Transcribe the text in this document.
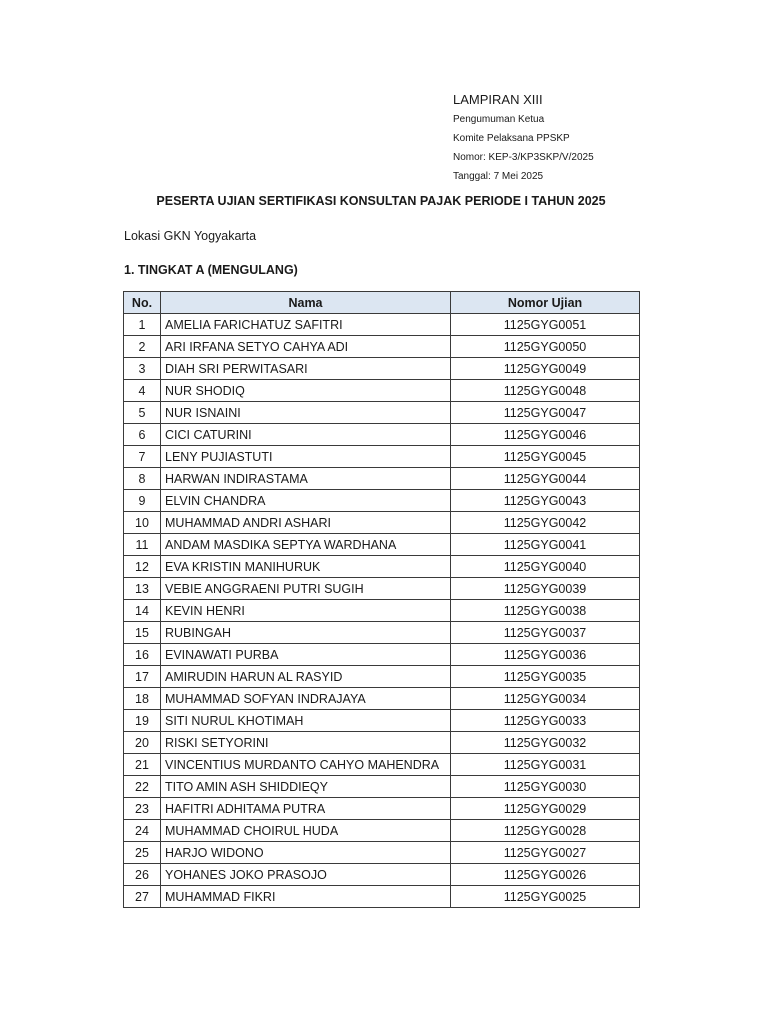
LAMPIRAN XIII
Pengumuman Ketua
Komite Pelaksana PPSKP
Nomor: KEP-3/KP3SKP/V/2025
Tanggal: 7 Mei 2025
PESERTA UJIAN SERTIFIKASI KONSULTAN PAJAK PERIODE I TAHUN 2025
Lokasi GKN Yogyakarta
1. TINGKAT A (MENGULANG)
No.	Nama	Nomor Ujian
1	AMELIA FARICHATUZ SAFITRI	1125GYG0051
2	ARI IRFANA SETYO CAHYA ADI	1125GYG0050
3	DIAH SRI PERWITASARI	1125GYG0049
4	NUR SHODIQ	1125GYG0048
5	NUR ISNAINI	1125GYG0047
6	CICI CATURINI	1125GYG0046
7	LENY PUJIASTUTI	1125GYG0045
8	HARWAN INDIRASTAMA	1125GYG0044
9	ELVIN CHANDRA	1125GYG0043
10	MUHAMMAD ANDRI ASHARI	1125GYG0042
11	ANDAM MASDIKA SEPTYA WARDHANA	1125GYG0041
12	EVA KRISTIN MANIHURUK	1125GYG0040
13	VEBIE ANGGRAENI PUTRI SUGIH	1125GYG0039
14	KEVIN HENRI	1125GYG0038
15	RUBINGAH	1125GYG0037
16	EVINAWATI PURBA	1125GYG0036
17	AMIRUDIN HARUN AL RASYID	1125GYG0035
18	MUHAMMAD SOFYAN INDRAJAYA	1125GYG0034
19	SITI NURUL KHOTIMAH	1125GYG0033
20	RISKI SETYORINI	1125GYG0032
21	VINCENTIUS MURDANTO CAHYO MAHENDRA	1125GYG0031
22	TITO AMIN ASH SHIDDIEQY	1125GYG0030
23	HAFITRI ADHITAMA PUTRA	1125GYG0029
24	MUHAMMAD CHOIRUL HUDA	1125GYG0028
25	HARJO WIDONO	1125GYG0027
26	YOHANES JOKO PRASOJO	1125GYG0026
27	MUHAMMAD FIKRI	1125GYG0025
